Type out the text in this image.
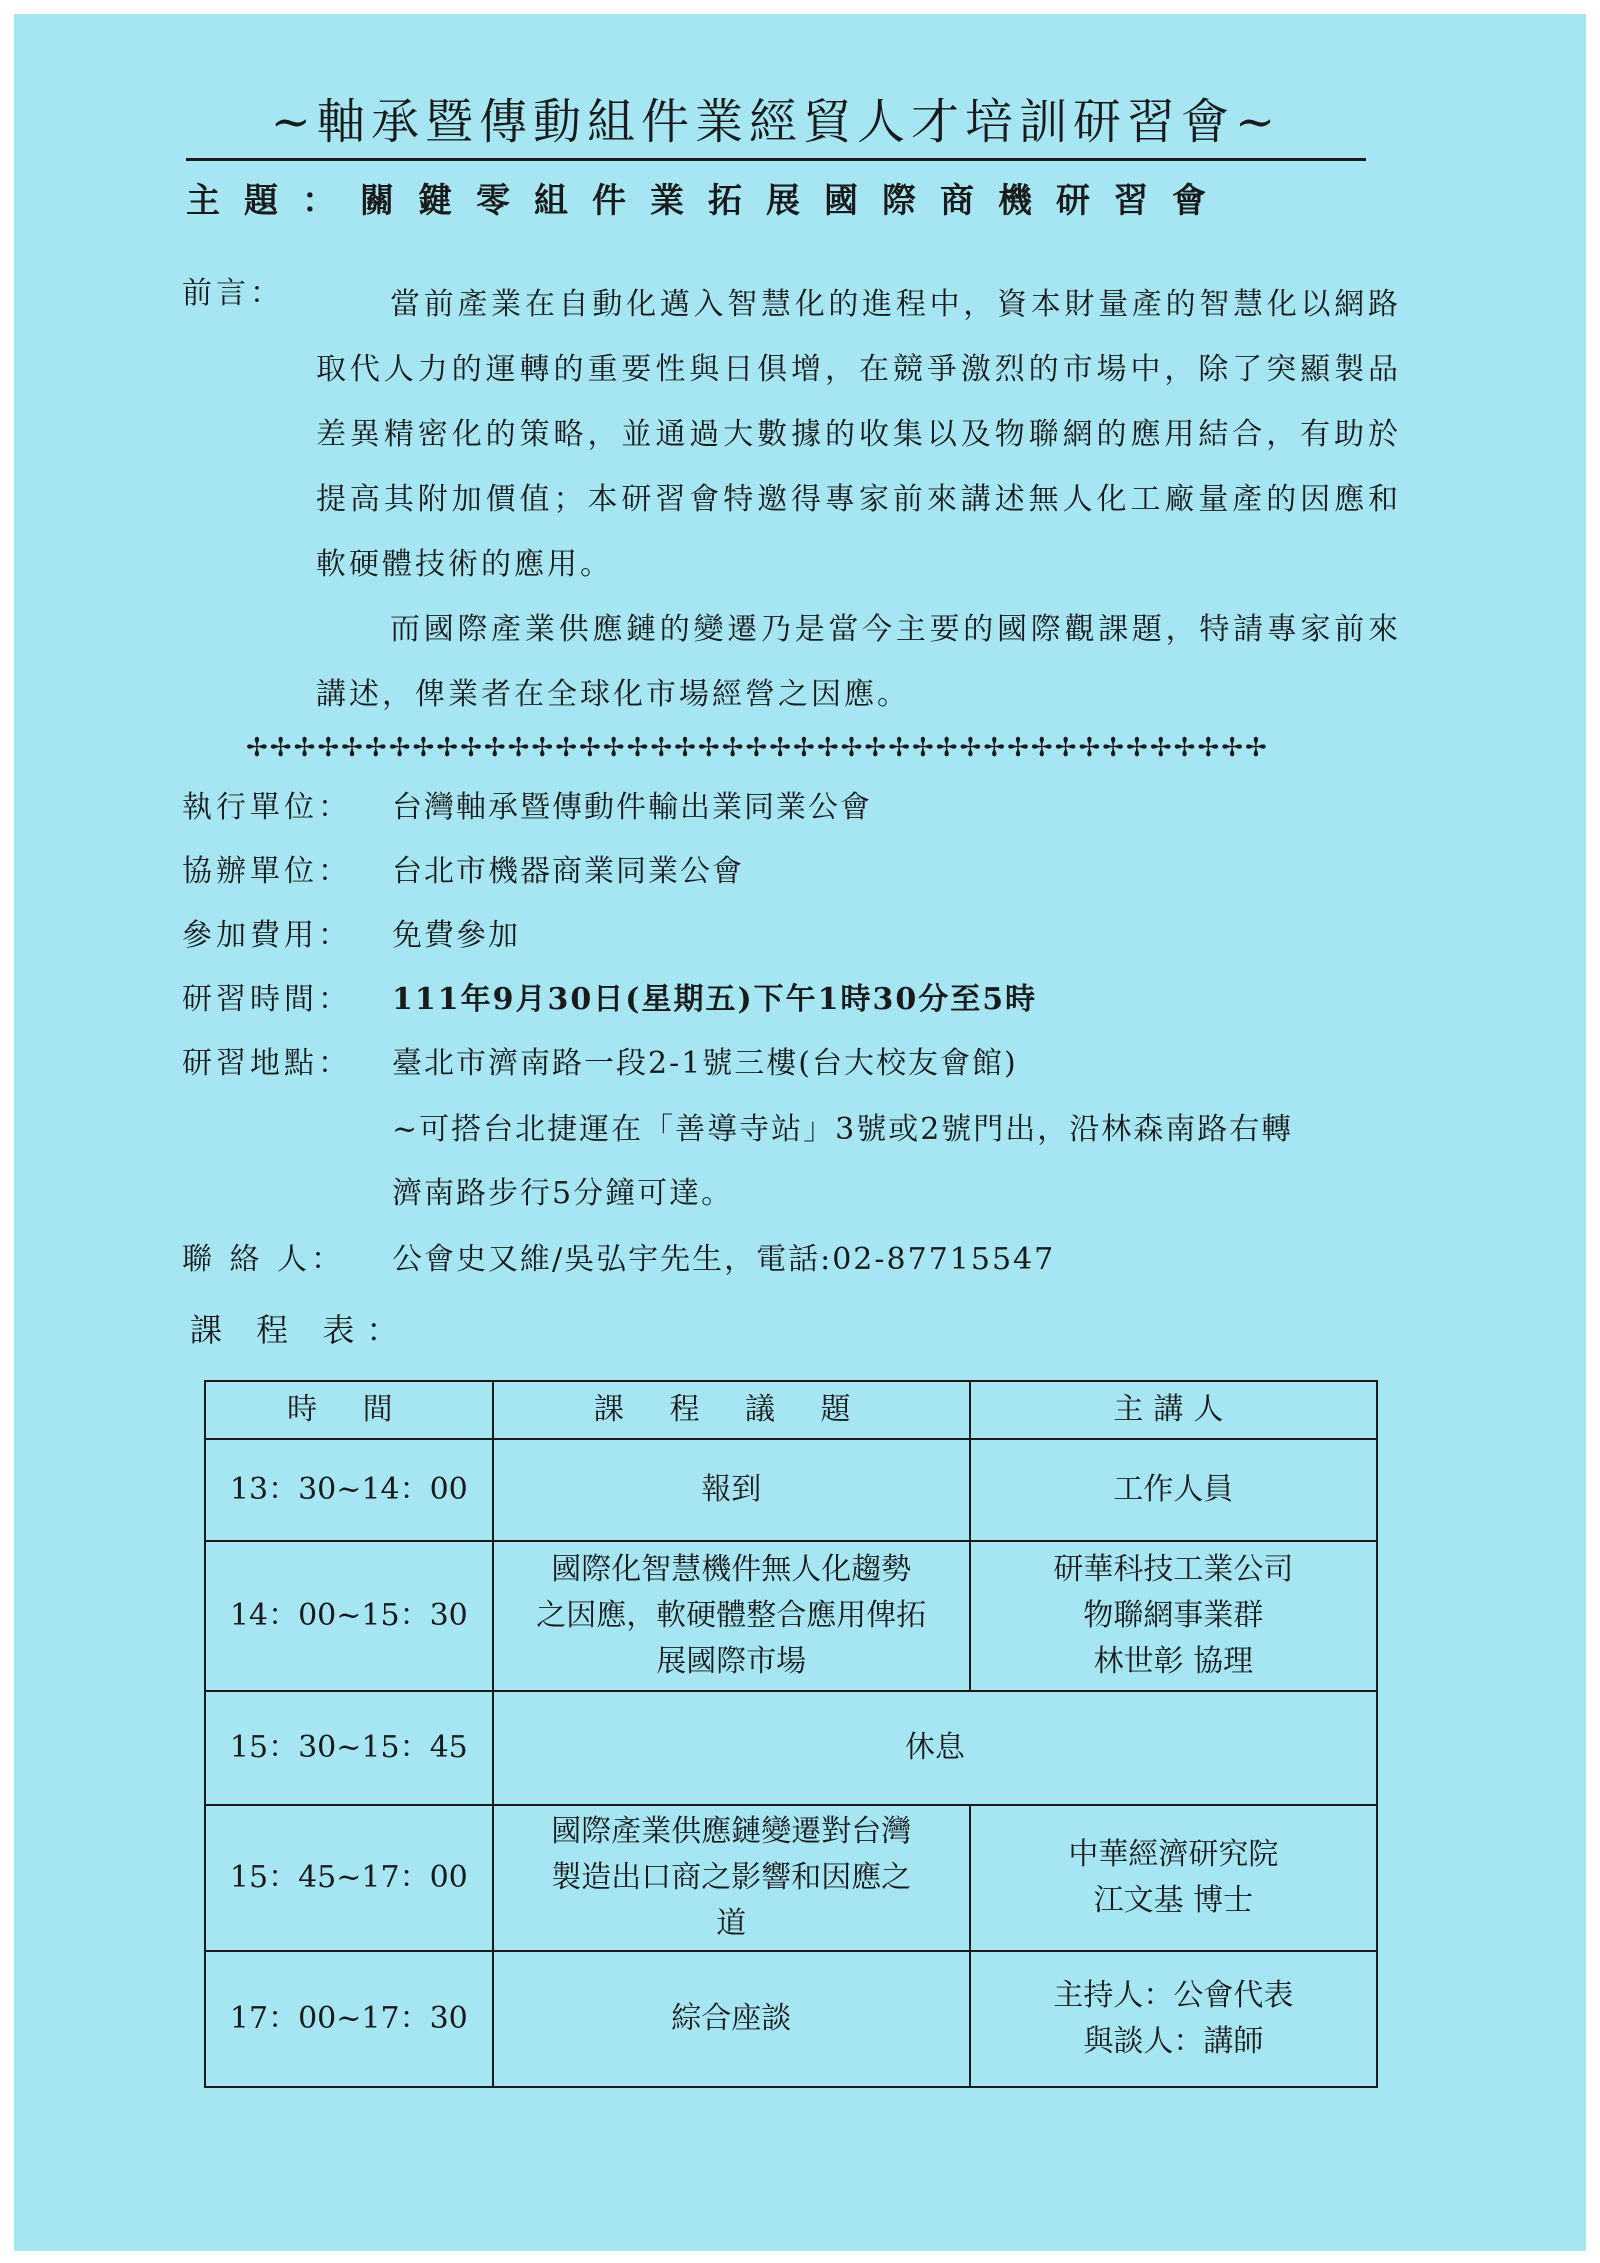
~軸承暨傳動組件業經貿人才培訓研習會~
主題：關鍵零組件業拓展國際商機研習會
前言：	當前產業在自動化邁入智慧化的進程中，資本財量產的智慧化以網路取代人力的運轉的重要性與日俱增，在競爭激烈的市場中，除了突顯製品差異精密化的策略，並通過大數據的收集以及物聯網的應用結合，有助於提高其附加價值；本研習會特邀得專家前來講述無人化工廠量產的因應和軟硬體技術的應用。

而國際產業供應鏈的變遷乃是當今主要的國際觀課題，特請專家前來講述，俾業者在全球化市場經營之因應。

✢✢✢✢✢✢✢✢✢✢✢✢✢✢✢✢✢✢✢✢✢✢✢✢✢✢✢✢✢✢✢✢✢✢✢✢✢✢✢✢✢✢✢
執行單位： 台灣軸承暨傳動件輸出業同業公會
協辦單位： 台北市機器商業同業公會
參加費用： 免費參加
研習時間： 111年9月30日(星期五)下午1時30分至5時
研習地點： 臺北市濟南路一段2-1號三樓(台大校友會館)
~可搭台北捷運在「善導寺站」3號或2號門出，沿林森南路右轉
濟南路步行5分鐘可達。
聯 絡 人： 公會史又維/吳弘宇先生，電話:02-87715547
課 程 表：
時 間	課 程 議 題	主講人
13：30~14：00	報到	工作人員

14：00~15：30	國際化智慧機件無人化趨勢
之因應，軟硬體整合應用俾拓
展國際市場	研華科技工業公司
物聯網事業群
林世彰 協理

15：30~15：45	休息	
15：45~17：00	國際產業供應鏈變遷對台灣
製造出口商之影響和因應之
道	中華經濟研究院
江文基 博士

17：00~17：30	綜合座談	主持人：公會代表
與談人：講師
